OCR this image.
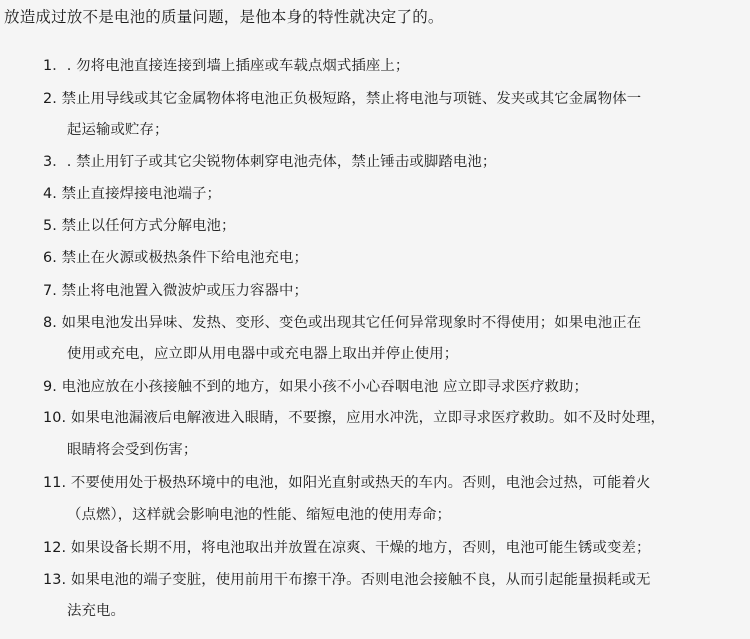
放造成过放不是电池的质量问题，是他本身的特性就决定了的。
1．. 勿将电池直接连接到墙上插座或车载点烟式插座上；
2. 禁止用导线或其它金属物体将电池正负极短路，禁止将电池与项链、发夹或其它金属物体一
起运输或贮存；
3．. 禁止用钉子或其它尖锐物体刺穿电池壳体，禁止锤击或脚踏电池；
4. 禁止直接焊接电池端子；
5. 禁止以任何方式分解电池；
6. 禁止在火源或极热条件下给电池充电；
7. 禁止将电池置入微波炉或压力容器中；
8. 如果电池发出异味、发热、变形、变色或出现其它任何异常现象时不得使用；如果电池正在
使用或充电，应立即从用电器中或充电器上取出并停止使用；
9. 电池应放在小孩接触不到的地方，如果小孩不小心吞咽电池 应立即寻求医疗救助；
10. 如果电池漏液后电解液进入眼睛，不要擦，应用水冲洗，立即寻求医疗救助。如不及时处理，
眼睛将会受到伤害；
11. 不要使用处于极热环境中的电池，如阳光直射或热天的车内。否则，电池会过热，可能着火
（点燃），这样就会影响电池的性能、缩短电池的使用寿命；
12. 如果设备长期不用，将电池取出并放置在凉爽、干燥的地方，否则，电池可能生锈或变差；
13. 如果电池的端子变脏，使用前用干布擦干净。否则电池会接触不良，从而引起能量损耗或无
法充电。
